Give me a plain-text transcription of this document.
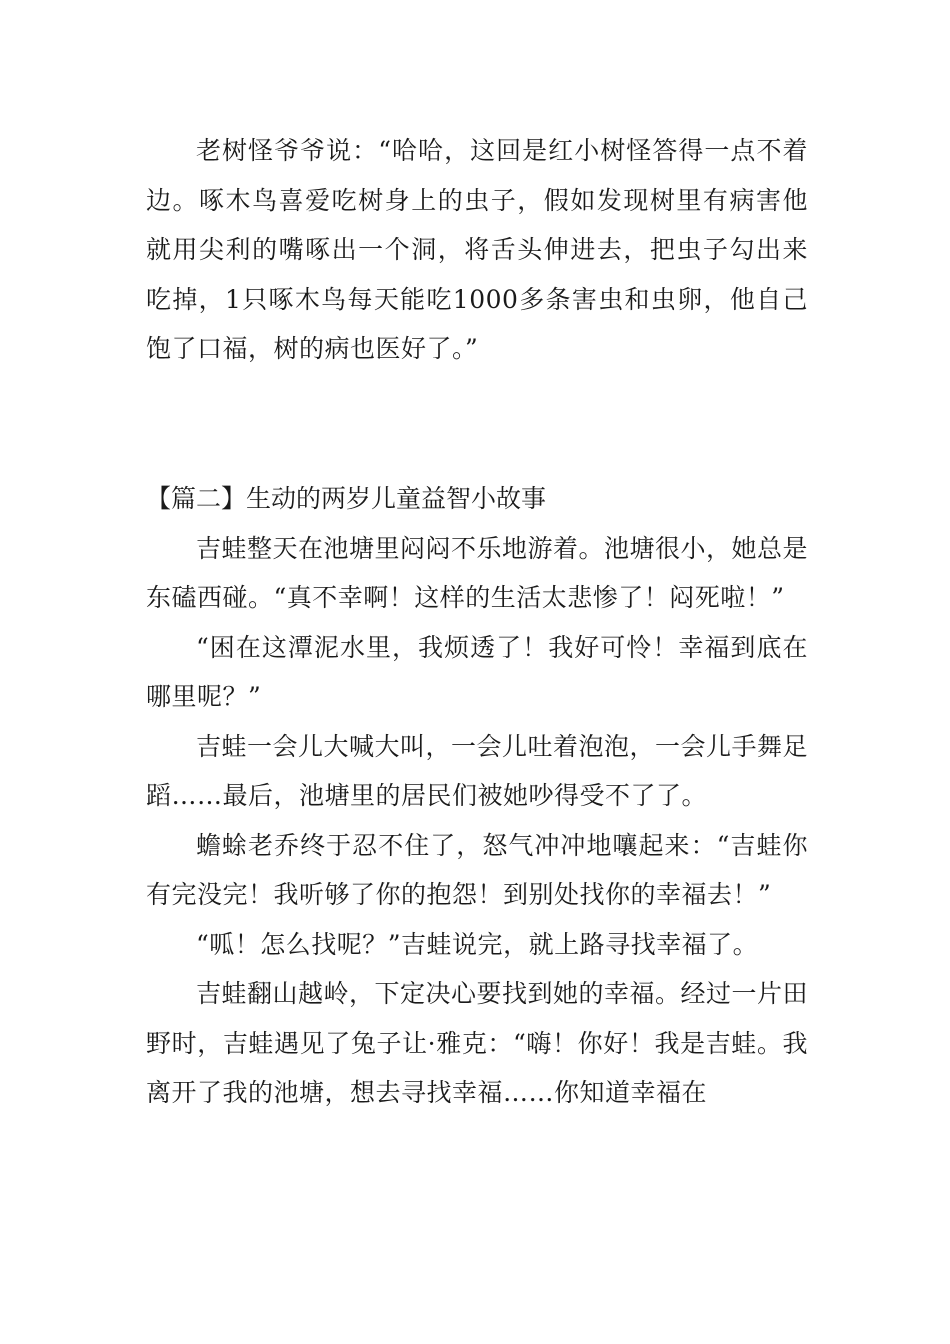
老树怪爷爷说：“哈哈，这回是红小树怪答得一点不着边。啄木鸟喜爱吃树身上的虫子，假如发现树里有病害他就用尖利的嘴啄出一个洞，将舌头伸进去，把虫子勾出来吃掉，1只啄木鸟每天能吃1000多条害虫和虫卵，他自己饱了口福，树的病也医好了。”

【篇二】生动的两岁儿童益智小故事

吉蛙整天在池塘里闷闷不乐地游着。池塘很小，她总是东磕西碰。“真不幸啊！这样的生活太悲惨了！闷死啦！”

“困在这潭泥水里，我烦透了！我好可怜！幸福到底在哪里呢？”

吉蛙一会儿大喊大叫，一会儿吐着泡泡，一会儿手舞足蹈……最后，池塘里的居民们被她吵得受不了了。

蟾蜍老乔终于忍不住了，怒气冲冲地嚷起来：“吉蛙你有完没完！我听够了你的抱怨！到别处找你的幸福去！”

“呱！怎么找呢？”吉蛙说完，就上路寻找幸福了。

吉蛙翻山越岭，下定决心要找到她的幸福。经过一片田野时，吉蛙遇见了兔子让·雅克：“嗨！你好！我是吉蛙。我离开了我的池塘，想去寻找幸福……你知道幸福在
